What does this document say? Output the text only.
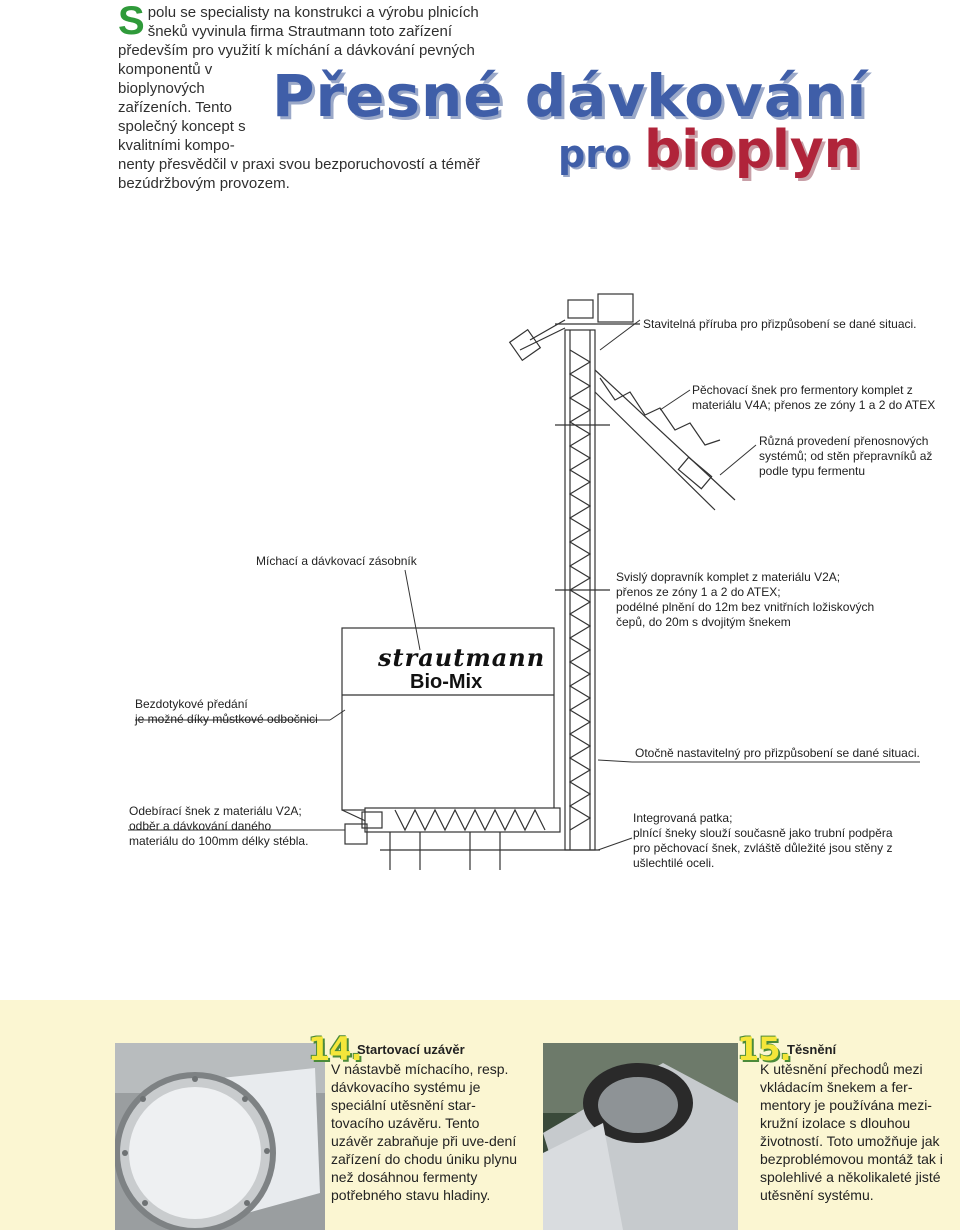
S polu se specialisty na konstrukci a výrobu plnicích

šneků vyvinula firma Strautmann toto zařízení

především pro využití k míchání a dávkování pevných

komponentů v

bioplynových

zařízeních. Tento

společný koncept s

kvalitními kompo-

nenty přesvědčil v praxi svou bezporuchovostí a téměř

bezúdržbovým provozem.

Přesné dávkování
pro bioplyn
Stavitelná příruba pro přizpůsobení se dané situaci.
Pěchovací šnek pro fermentory komplet z
materiálu V4A; přenos ze zóny 1 a 2 do ATEX
Různá provedení přenosnových
systémů; od stěn přepravníků až
podle typu fermentu
Míchací a dávkovací zásobník
Svislý dopravník komplet z materiálu V2A;
přenos ze zóny 1 a 2 do ATEX;
podélné plnění do 12m bez vnitřních ložiskových
čepů, do 20m s dvojitým šnekem
strautmann
Bio-Mix
Bezdotykové předání
je možné díky můstkové odbočnici
Otočně nastavitelný pro přizpůsobení se dané situaci.
Odebírací šnek z materiálu V2A;
odběr a dávkování daného
materiálu do 100mm délky stébla.
Integrovaná patka;
plnící šneky slouží současně jako trubní podpěra
pro pěchovací šnek, zvláště důležité jsou stěny z
ušlechtilé oceli.
14.
Startovací uzávěr
V nástavbě míchacího, resp. dávkovacího systému je speciální utěsnění star-tovacího uzávěru. Tento uzávěr zabraňuje při uve-dení zařízení do chodu úniku plynu než dosáhnou fermenty potřebného stavu hladiny.
15.
Těsnění
K utěsnění přechodů mezi vkládacím šnekem a fer-mentory je používána mezi-kružní izolace s dlouhou životností. Toto umožňuje jak bezproblémovou montáž tak i spolehlivé a několikaleté jisté utěsnění systému.
